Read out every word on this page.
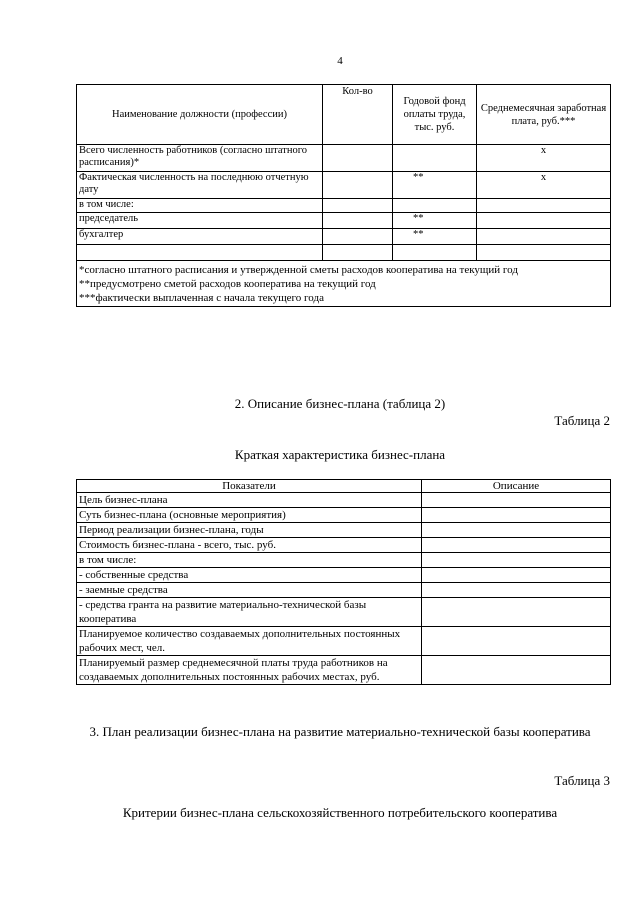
4
Наименование должности (профессии)	Кол-во	Годовой фонд оплаты труда, тыс. руб.	Среднемесячная заработная плата, руб.***
Всего численность работников (согласно штатного расписания)*			х
Фактическая численность на последнюю отчетную дату		**	х
в том числе:			
председатель		**	
бухгалтер		**	

*согласно штатного расписания и утвержденной сметы расходов кооператива на текущий год
**предусмотрено сметой расходов кооператива на текущий год
***фактически выплаченная с начала текущего года			
2. Описание бизнес-плана (таблица 2)
Таблица 2
Краткая характеристика бизнес-плана
Показатели	Описание
Цель бизнес-плана	
Суть бизнес-плана (основные мероприятия)	
Период реализации бизнес-плана, годы	
Стоимость бизнес-плана - всего, тыс. руб.	
в том числе:	
- собственные средства	
- заемные средства	
- средства гранта на развитие материально-технической базы кооператива	
Планируемое количество создаваемых дополнительных постоянных рабочих мест, чел.	
Планируемый размер среднемесячной платы труда работников на создаваемых дополнительных постоянных рабочих местах, руб.	
3. План реализации бизнес-плана на развитие материально-технической базы кооператива
Таблица 3
Критерии бизнес-плана сельскохозяйственного потребительского кооператива
